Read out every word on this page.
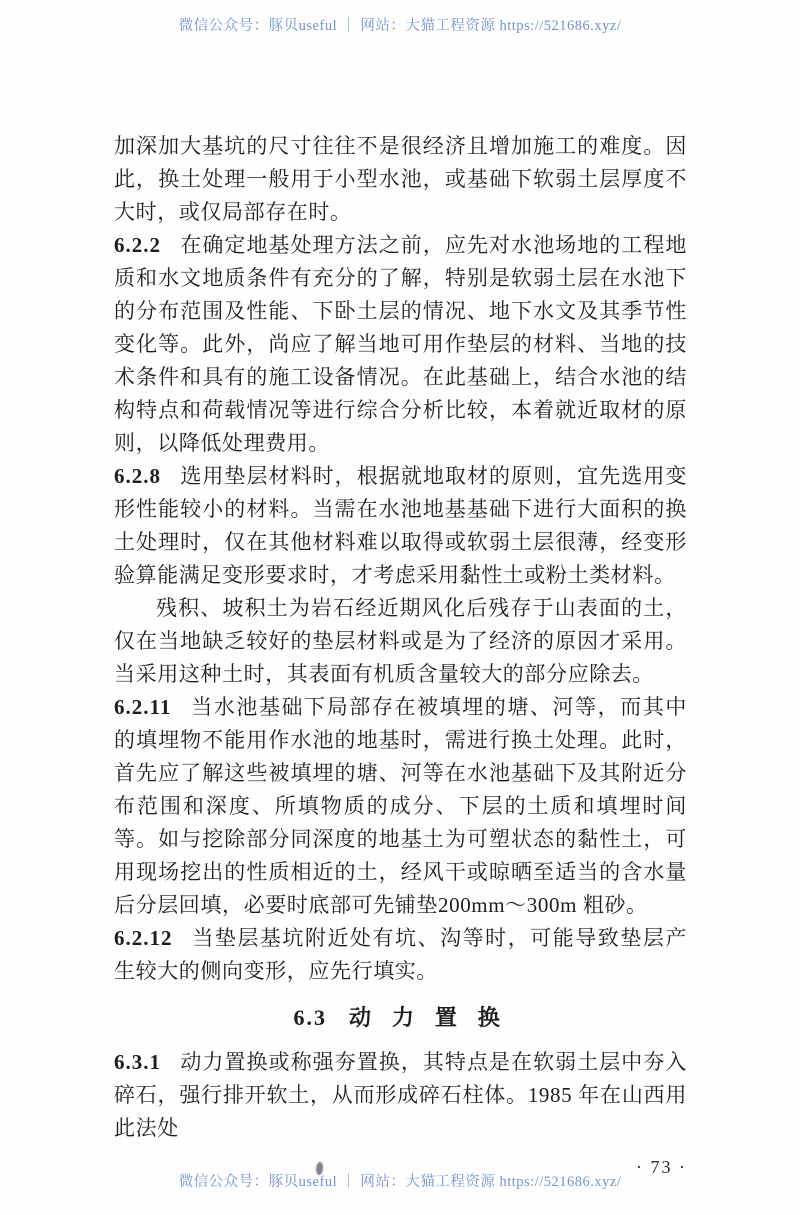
微信公众号：豚贝useful ｜ 网站：大猫工程资源 https://521686.xyz/

加深加大基坑的尺寸往往不是很经济且增加施工的难度。因此，换土处理一般用于小型水池，或基础下软弱土层厚度不大时，或仅局部存在时。

6.2.2 在确定地基处理方法之前，应先对水池场地的工程地质和水文地质条件有充分的了解，特别是软弱土层在水池下的分布范围及性能、下卧土层的情况、地下水文及其季节性变化等。此外，尚应了解当地可用作垫层的材料、当地的技术条件和具有的施工设备情况。在此基础上，结合水池的结构特点和荷载情况等进行综合分析比较，本着就近取材的原则，以降低处理费用。

6.2.8 选用垫层材料时，根据就地取材的原则，宜先选用变形性能较小的材料。当需在水池地基基础下进行大面积的换土处理时，仅在其他材料难以取得或软弱土层很薄，经变形验算能满足变形要求时，才考虑采用黏性土或粉土类材料。

残积、坡积土为岩石经近期风化后残存于山表面的土，仅在当地缺乏较好的垫层材料或是为了经济的原因才采用。当采用这种土时，其表面有机质含量较大的部分应除去。

6.2.11 当水池基础下局部存在被填埋的塘、河等，而其中的填埋物不能用作水池的地基时，需进行换土处理。此时，首先应了解这些被填埋的塘、河等在水池基础下及其附近分布范围和深度、所填物质的成分、下层的土质和填埋时间等。如与挖除部分同深度的地基土为可塑状态的黏性土，可用现场挖出的性质相近的土，经风干或晾晒至适当的含水量后分层回填，必要时底部可先铺垫200mm～300m 粗砂。

6.2.12 当垫层基坑附近处有坑、沟等时，可能导致垫层产生较大的侧向变形，应先行填实。

6.3 动 力 置 换

6.3.1 动力置换或称强夯置换，其特点是在软弱土层中夯入碎石，强行排开软土，从而形成碎石柱体。1985 年在山西用此法处

· 73 ·
微信公众号：豚贝useful ｜ 网站：大猫工程资源 https://521686.xyz/
